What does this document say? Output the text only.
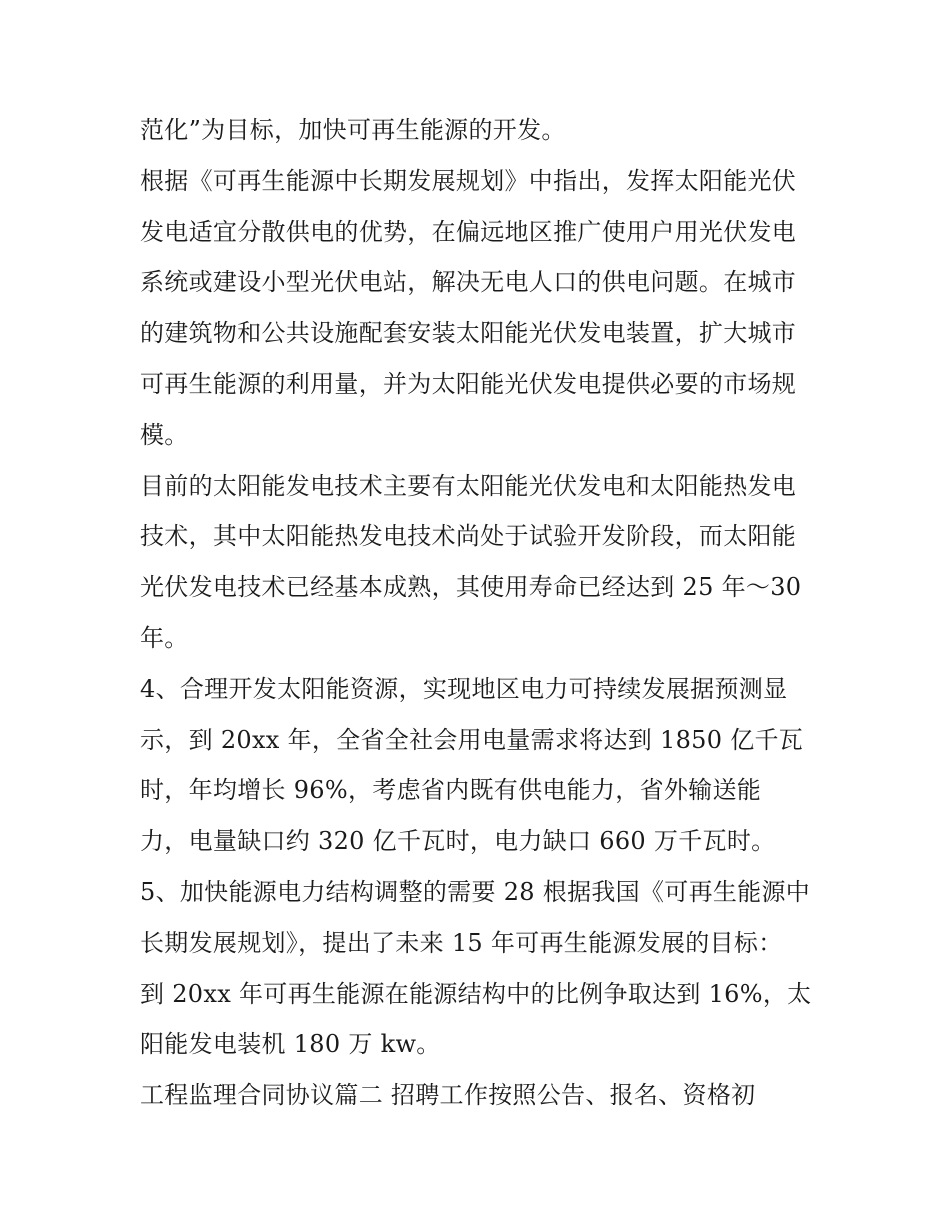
范化”为目标，加快可再生能源的开发。
根据《可再生能源中长期发展规划》中指出，发挥太阳能光伏
发电适宜分散供电的优势，在偏远地区推广使用户用光伏发电
系统或建设小型光伏电站，解决无电人口的供电问题。在城市
的建筑物和公共设施配套安装太阳能光伏发电装置，扩大城市
可再生能源的利用量，并为太阳能光伏发电提供必要的市场规
模。
目前的太阳能发电技术主要有太阳能光伏发电和太阳能热发电
技术，其中太阳能热发电技术尚处于试验开发阶段，而太阳能
光伏发电技术已经基本成熟，其使用寿命已经达到 25 年～30
年。
4、合理开发太阳能资源，实现地区电力可持续发展据预测显
示，到 20xx 年，全省全社会用电量需求将达到 1850 亿千瓦
时，年均增长 96%，考虑省内既有供电能力，省外输送能
力，电量缺口约 320 亿千瓦时，电力缺口 660 万千瓦时。
5、加快能源电力结构调整的需要 28 根据我国《可再生能源中
长期发展规划》，提出了未来 15 年可再生能源发展的目标：
到 20xx 年可再生能源在能源结构中的比例争取达到 16%，太
阳能发电装机 180 万 kw。
工程监理合同协议篇二 招聘工作按照公告、报名、资格初
